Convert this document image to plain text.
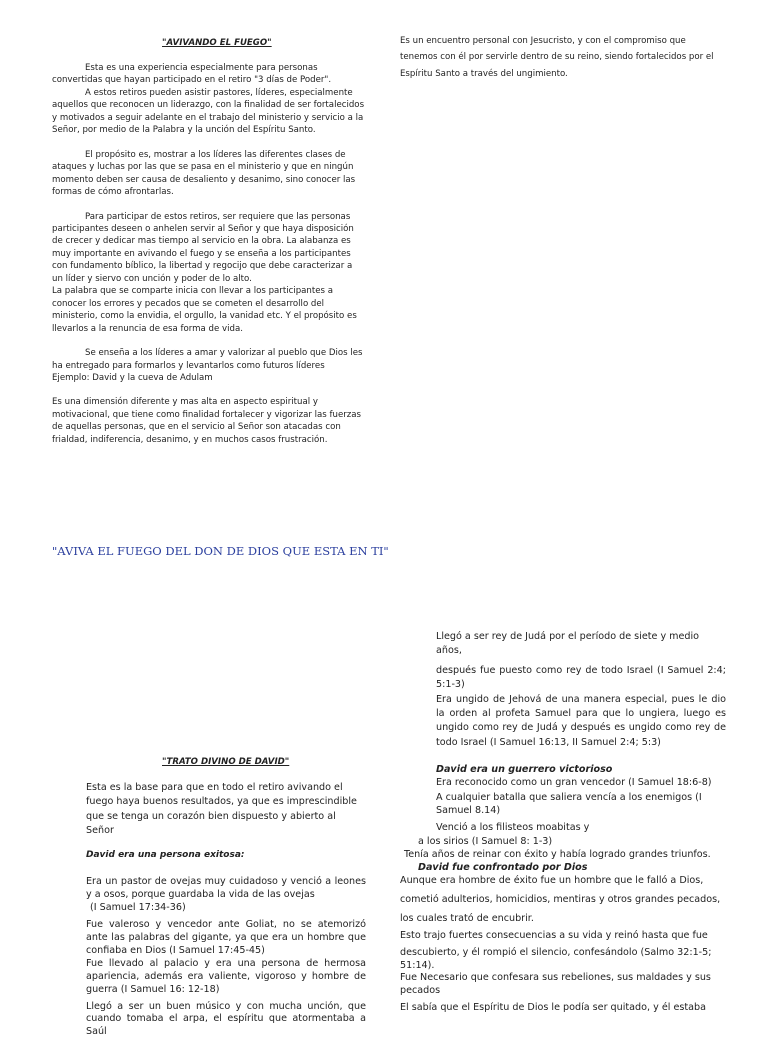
"AVIVANDO EL FUEGO"

Esta es una experiencia especialmente para personas convertidas que hayan participado en el retiro "3 días de Poder".

A estos retiros pueden asistir pastores, líderes, especialmente aquellos que reconocen un liderazgo, con la finalidad de ser fortalecidos y motivados a seguir adelante en el trabajo del ministerio y servicio a la Señor, por medio de la Palabra y la unción del Espíritu Santo.

El propósito es, mostrar a los líderes las diferentes clases de ataques y luchas por las que se pasa en el ministerio y que en ningún momento deben ser causa de desaliento y desanimo, sino conocer las formas de cómo afrontarlas.

Para participar de estos retiros, ser requiere que las personas participantes deseen o anhelen servir al Señor y que haya disposición de crecer y dedicar mas tiempo al servicio en la obra. La alabanza es muy importante en avivando el fuego y se enseña a los participantes con fundamento bíblico, la libertad y regocijo que debe caracterizar a un líder y siervo con unción y poder de lo alto.

La palabra que se comparte inicia con llevar a los participantes a conocer los errores y pecados que se cometen el desarrollo del ministerio, como la envidia, el orgullo, la vanidad etc. Y el propósito es llevarlos a la renuncia de esa forma de vida.

Se enseña a los líderes a amar y valorizar al pueblo que Dios les ha entregado para formarlos y levantarlos como futuros líderes

Ejemplo: David y la cueva de Adulam

Es una dimensión diferente y mas alta en aspecto espiritual y motivacional, que tiene como finalidad fortalecer y vigorizar las fuerzas de aquellas personas, que en el servicio al Señor son atacadas con frialdad, indiferencia, desanimo, y en muchos casos frustración.

Es un encuentro personal con Jesucristo, y con el compromiso que tenemos con él por servirle dentro de su reino, siendo fortalecidos por el Espíritu Santo a través del ungimiento.

"AVIVA EL FUEGO DEL DON DE DIOS QUE ESTA EN TI"

Llegó a ser rey de Judá por el período de siete y medio años,

después fue puesto como rey de todo Israel (I Samuel 2:4; 5:1-3)

Era ungido de Jehová de una manera especial, pues le dio la orden al profeta Samuel para que lo ungiera, luego es ungido como rey de Judá y después es ungido como rey de todo Israel (I Samuel 16:13, II Samuel 2:4; 5:3)

David era un guerrero victorioso

Era reconocido como un gran vencedor (I Samuel 18:6-8)

A cualquier batalla que saliera vencía a los enemigos (I Samuel 8.14)

Venció a los filisteos moabitas y

a los sirios (I Samuel 8: 1-3)

Tenía años de reinar con éxito y había logrado grandes triunfos.

David fue confrontado por Dios

Aunque era hombre de éxito fue un hombre que le falló a Dios,

cometió adulterios, homicidios, mentiras y otros grandes pecados,

los cuales trató de encubrir.

Esto trajo fuertes consecuencias a su vida y reinó hasta que fue

descubierto, y él rompió el silencio, confesándolo (Salmo 32:1-5; 51:14).

Fue Necesario que confesara sus rebeliones, sus maldades y sus pecados

El sabía que el Espíritu de Dios le podía ser quitado, y él estaba

"TRATO DIVINO DE DAVID"

Esta es la base para que en todo el retiro avivando el fuego haya buenos resultados, ya que es imprescindible que se tenga un corazón bien dispuesto y abierto al Señor

David era una persona exitosa:

Era un pastor de ovejas muy cuidadoso y venció a leones y a osos, porque guardaba la vida de las ovejas

(I Samuel 17:34-36)

Fue valeroso y vencedor ante Goliat, no se atemorizó ante las palabras del gigante, ya que era un hombre que confiaba en Dios (I Samuel 17:45-45)

Fue llevado al palacio y era una persona de hermosa apariencia, además era valiente, vigoroso y hombre de guerra (I Samuel 16: 12-18)

Llegó a ser un buen músico y con mucha unción, que cuando tomaba el arpa, el espíritu que atormentaba a Saúl
